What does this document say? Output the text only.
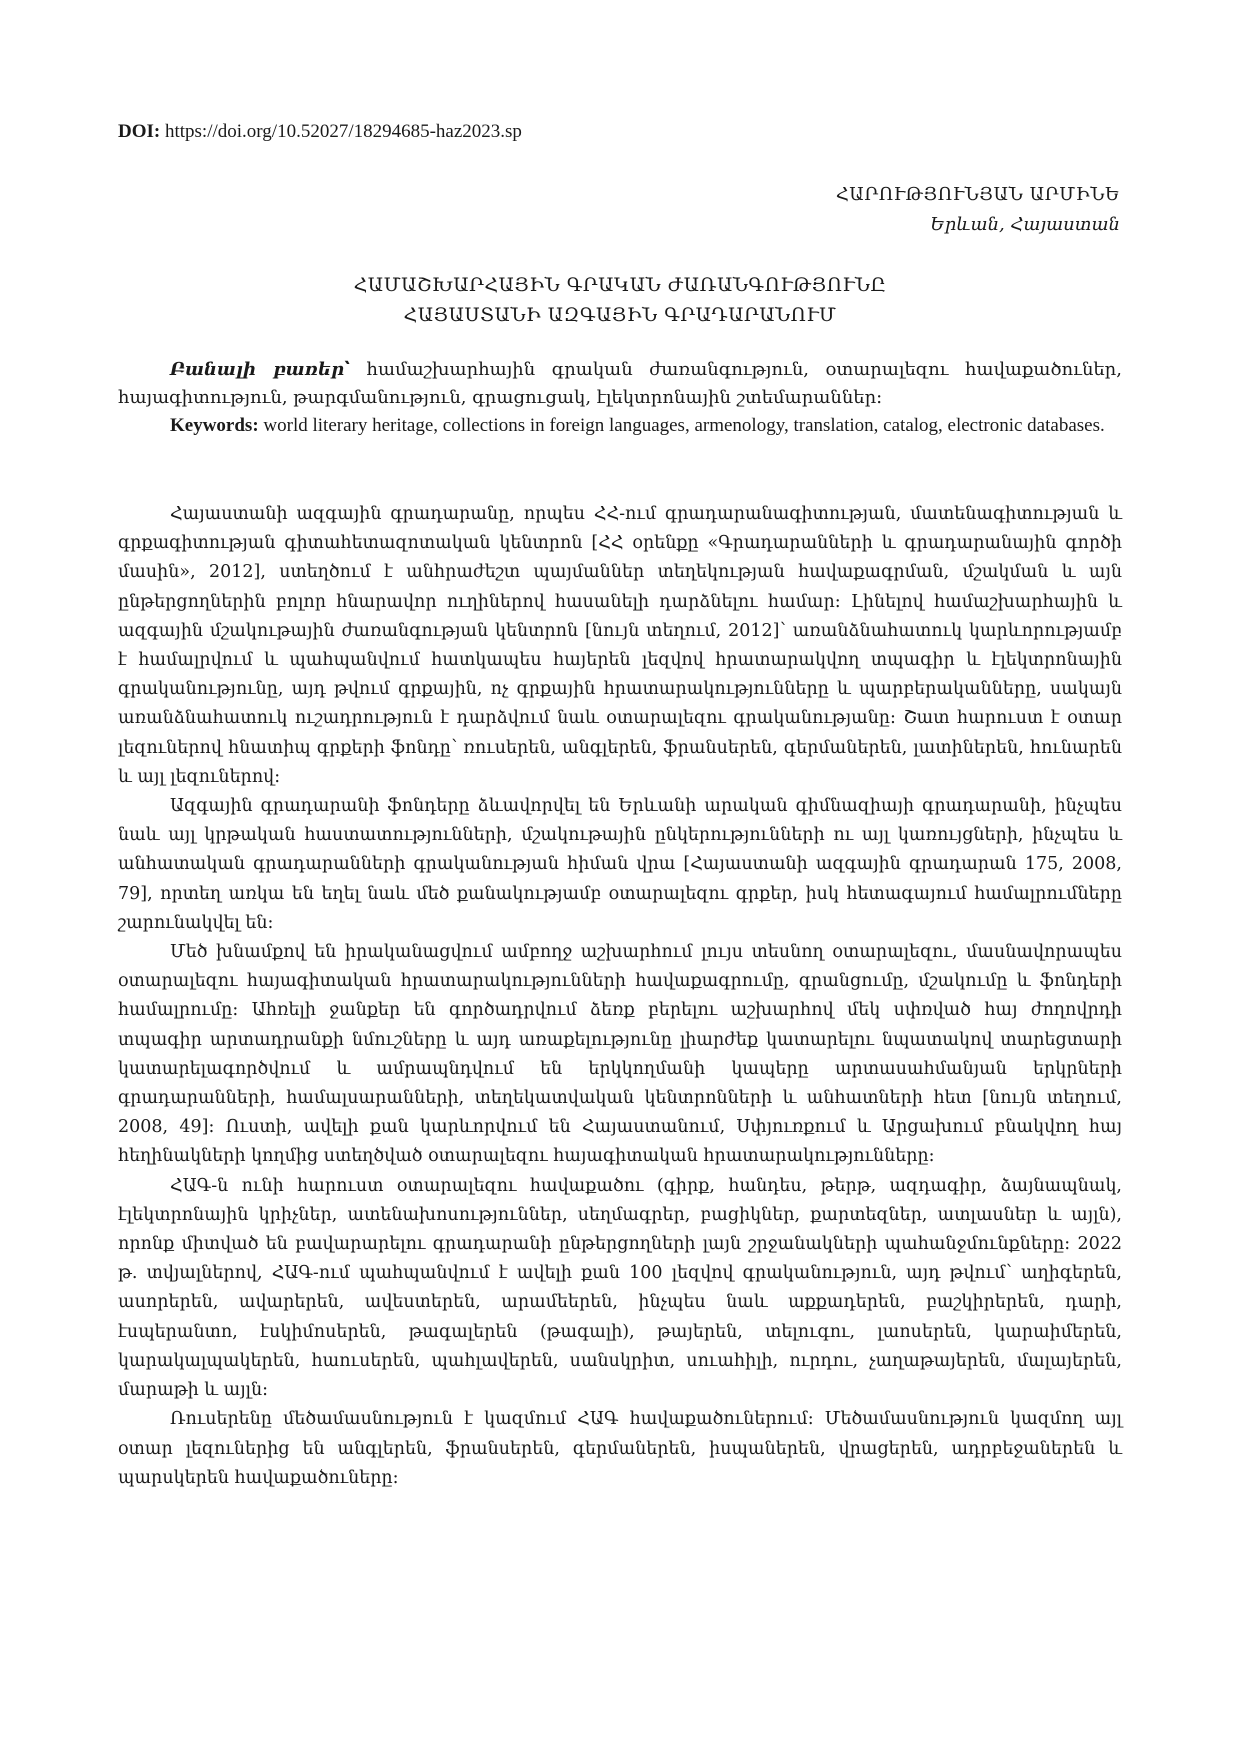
DOI: https://doi.org/10.52027/18294685-haz2023.sp
ՀԱՐՈՒԹՅՈՒՆՅԱՆ ԱՐՄԻՆԵ
Երևան, Հայաստան
ՀԱՄԱՇԽԱՐՀԱՅԻՆ ԳՐԱԿԱՆ ԺԱՌԱՆԳՈՒԹՅՈՒՆԸ
ՀԱՅԱՍՏԱՆԻ ԱԶԳԱՅԻՆ ԳՐԱԴԱՐԱՆՈՒՄ

Բանալի բառեր՝ համաշխարհային գրական ժառանգություն, օտարալեզու հավաքածուներ, հայագիտություն, թարգմանություն, գրացուցակ, էլեկտրոնային շտեմարաններ։

Keywords: world literary heritage, collections in foreign languages, armenology, translation, catalog, electronic databases.

Հայաստանի ազգային գրադարանը, որպես ՀՀ-ում գրադարանագիտության, մատենագիտության և գրքագիտության գիտահետազոտական կենտրոն [ՀՀ օրենքը «Գրադարանների և գրադարանային գործի մասին», 2012], ստեղծում է անհրաժեշտ պայմաններ տեղեկության հավաքագրման, մշակման և այն ընթերցողներին բոլոր հնարավոր ուղիներով հասանելի դարձնելու համար։ Լինելով համաշխարհային և ազգային մշակութային ժառանգության կենտրոն [նույն տեղում, 2012]՝ առանձնահատուկ կարևորությամբ է համալրվում և պահպանվում հատկապես հայերեն լեզվով հրատարակվող տպագիր և էլեկտրոնային գրականությունը, այդ թվում գրքային, ոչ գրքային հրատարակությունները և պարբերականները, սակայն առանձնահատուկ ուշադրություն է դարձվում նաև օտարալեզու գրականությանը։ Շատ հարուստ է օտար լեզուներով հնատիպ գրքերի ֆոնդը՝ ռուսերեն, անգլերեն, ֆրանսերեն, գերմաներեն, լատիներեն, հունարեն և այլ լեզուներով։

Ազգային գրադարանի ֆոնդերը ձևավորվել են Երևանի արական գիմնազիայի գրադարանի, ինչպես նաև այլ կրթական հաստատությունների, մշակութային ընկերությունների ու այլ կառույցների, ինչպես և անհատական գրադարանների գրականության հիման վրա [Հայաստանի ազգային գրադարան 175, 2008, 79], որտեղ առկա են եղել նաև մեծ քանակությամբ օտարալեզու գրքեր, իսկ հետագայում համալրումները շարունակվել են։

Մեծ խնամքով են իրականացվում ամբողջ աշխարհում լույս տեսնող օտարալեզու, մասնավորապես օտարալեզու հայագիտական հրատարակությունների հավաքագրումը, գրանցումը, մշակումը և ֆոնդերի համալրումը։ Ահռելի ջանքեր են գործադրվում ձեռք բերելու աշխարհով մեկ սփռված հայ ժողովրդի տպագիր արտադրանքի նմուշները և այդ առաքելությունը լիարժեք կատարելու նպատակով տարեցտարի կատարելագործվում և ամրապնդվում են երկկողմանի կապերը արտասահմանյան երկրների գրադարանների, համալսարանների, տեղեկատվական կենտրոնների և անհատների հետ [նույն տեղում, 2008, 49]։ Ուստի, ավելի քան կարևորվում են Հայաստանում, Սփյուռքում և Արցախում բնակվող հայ հեղինակների կողմից ստեղծված օտարալեզու հայագիտական հրատարակությունները։

ՀԱԳ-ն ունի հարուստ օտարալեզու հավաքածու (գիրք, հանդես, թերթ, ազդագիր, ձայնապնակ, էլեկտրոնային կրիչներ, ատենախոսություններ, սեղմագրեր, բացիկներ, քարտեզներ, ատլասներ և այլն), որոնք միտված են բավարարելու գրադարանի ընթերցողների լայն շրջանակների պահանջմունքները։ 2022 թ. տվյալներով, ՀԱԳ-ում պահպանվում է ավելի քան 100 լեզվով գրականություն, այդ թվում՝ աղիգերեն, ասորերեն, ավարերեն, ավեստերեն, արամեերեն, ինչպես նաև աքքադերեն, բաշկիրերեն, դարի, էսպերանտո, էսկիմոսերեն, թագալերեն (թագալի), թայերեն, տելուգու, լաոսերեն, կարաիմերեն, կարակալպակերեն, հաուսերեն, պահլավերեն, սանսկրիտ, սուահիլի, ուրդու, չաղաթայերեն, մալայերեն, մարաթի և այլն։

Ռուսերենը մեծամասնություն է կազմում ՀԱԳ հավաքածուներում։ Մեծամասնություն կազմող այլ օտար լեզուներից են անգլերեն, ֆրանսերեն, գերմաներեն, իսպաներեն, վրացերեն, ադրբեջաներեն և պարսկերեն հավաքածուները։
